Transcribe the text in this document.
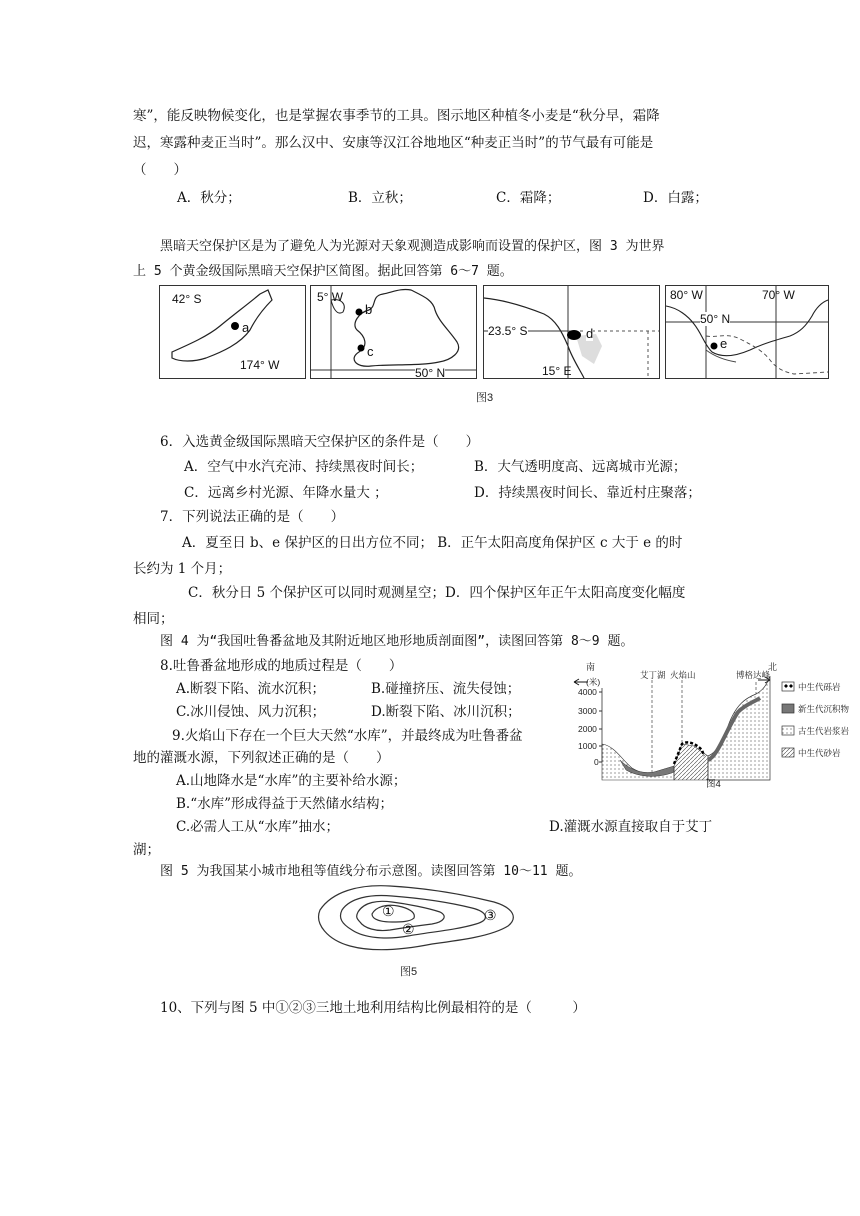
寒”，能反映物候变化，也是掌握农事季节的工具。图示地区种植冬小麦是“秋分早，霜降
迟，寒露种麦正当时”。那么汉中、安康等汉江谷地地区“种麦正当时”的节气最有可能是
（　　）
A．秋分；	B．立秋；	C．霜降；	D．白露；
黑暗天空保护区是为了避免人为光源对天象观测造成影响而设置的保护区，图 3 为世界
上 5 个黄金级国际黑暗天空保护区简图。据此回答第 6～7 题。
42° S
a
174° W
5° W
b
c
50° N
23.5° S	d
15° E
80° W	70° W
50° N
e
图3
6．入选黄金级国际黑暗天空保护区的条件是（　　）
A．空气中水汽充沛、持续黑夜时间长；	B．大气透明度高、远离城市光源；
C．远离乡村光源、年降水量大 ；	D．持续黑夜时间长、靠近村庄聚落；
7．下列说法正确的是（　　）
A．夏至日 b、e 保护区的日出方位不同； B．正午太阳高度角保护区 c 大于 e 的时
长约为 1 个月；
C．秋分日 5 个保护区可以同时观测星空；D．四个保护区年正午太阳高度变化幅度
相同；
图 4 为“我国吐鲁番盆地及其附近地区地形地质剖面图”，读图回答第 8～9 题。
8.吐鲁番盆地形成的地质过程是（　　）
A.断裂下陷、流水沉积；	B.碰撞挤压、流失侵蚀；
C.冰川侵蚀、风力沉积；	D.断裂下陷、冰川沉积；
9.火焰山下存在一个巨大天然“水库”，并最终成为吐鲁番盆
地的灌溉水源，下列叙述正确的是（　　）
A.山地降水是“水库”的主要补给水源；
B.“水库”形成得益于天然储水结构；
C.必需人工从“水库”抽水；	D.灌溉水源直接取自于艾丁
湖；
南	北
(米)
4000
3000
2000
1000
0
艾丁湖 火焰山	博格达峰
中生代砾岩
新生代沉积物
古生代岩浆岩
中生代砂岩
图4
图 5 为我国某小城市地租等值线分布示意图。读图回答第 10～11 题。
①
②
③
图5
10、下列与图 5 中①②③三地土地利用结构比例最相符的是（　　　）
